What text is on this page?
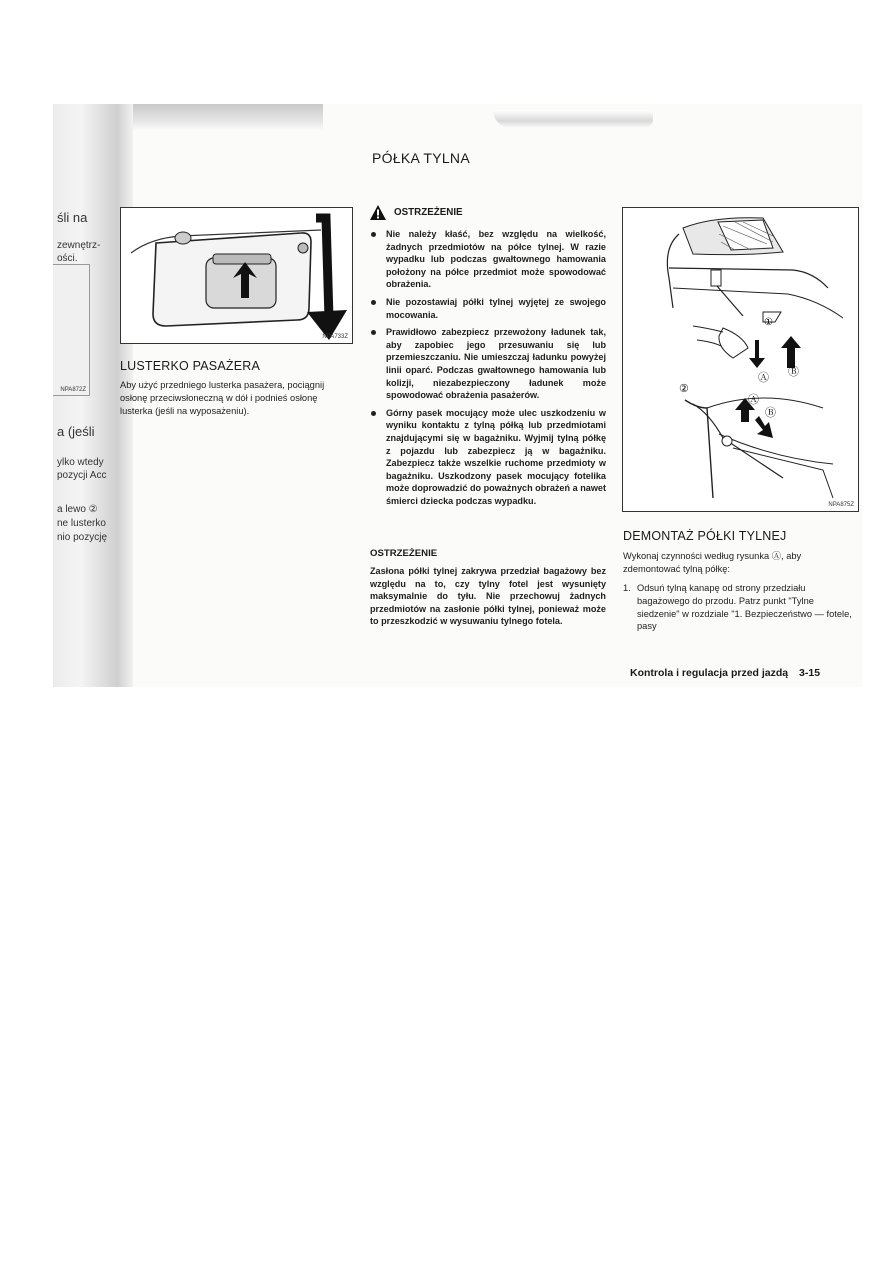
śli na
zewnętrz-
ości.
NPA872Z
a (jeśli
ylko wtedy
pozycji Acc
a lewo ②
ne lusterko
nio pozycję
PÓŁKA TYLNA
NPA733Z
LUSTERKO PASAŻERA
Aby użyć przedniego lusterka pasażera, pociągnij osłonę przeciwsłoneczną w dół i podnieś osłonę lusterka (jeśli na wyposażeniu).
OSTRZEŻENIE
Nie należy kłaść, bez względu na wielkość, żadnych przedmiotów na półce tylnej. W razie wypadku lub podczas gwałtownego hamowania położony na półce przedmiot może spowodować obrażenia.
Nie pozostawiaj półki tylnej wyjętej ze swojego mocowania.
Prawidłowo zabezpiecz przewożony ładunek tak, aby zapobiec jego przesuwaniu się lub przemieszczaniu. Nie umieszczaj ładunku powyżej linii oparć. Podczas gwałtownego hamowania lub kolizji, niezabezpieczony ładunek może spowodować obrażenia pasażerów.
Górny pasek mocujący może ulec uszkodzeniu w wyniku kontaktu z tylną półką lub przedmiotami znajdującymi się w bagażniku. Wyjmij tylną półkę z pojazdu lub zabezpiecz ją w bagażniku. Zabezpiecz także wszelkie ruchome przedmioty w bagażniku. Uszkodzony pasek mocujący fotelika może doprowadzić do poważnych obrażeń a nawet śmierci dziecka podczas wypadku.
OSTRZEŻENIE
Zasłona półki tylnej zakrywa przedział bagażowy bez względu na to, czy tylny fotel jest wysunięty maksymalnie do tyłu. Nie przechowuj żadnych przedmiotów na zasłonie półki tylnej, ponieważ może to przeszkodzić w wysuwaniu tylnego fotela.
①
Ⓐ Ⓑ
②
Ⓐ
Ⓑ
NPA875Z
DEMONTAŻ PÓŁKI TYLNEJ
Wykonaj czynności według rysunka Ⓐ, aby zdemontować tylną półkę:
1. Odsuń tylną kanapę od strony przedziału bagażowego do przodu. Patrz punkt "Tylne siedzenie" w rozdziale "1. Bezpieczeństwo — fotele, pasy
Kontrola i regulacja przed jazdą 3-15
